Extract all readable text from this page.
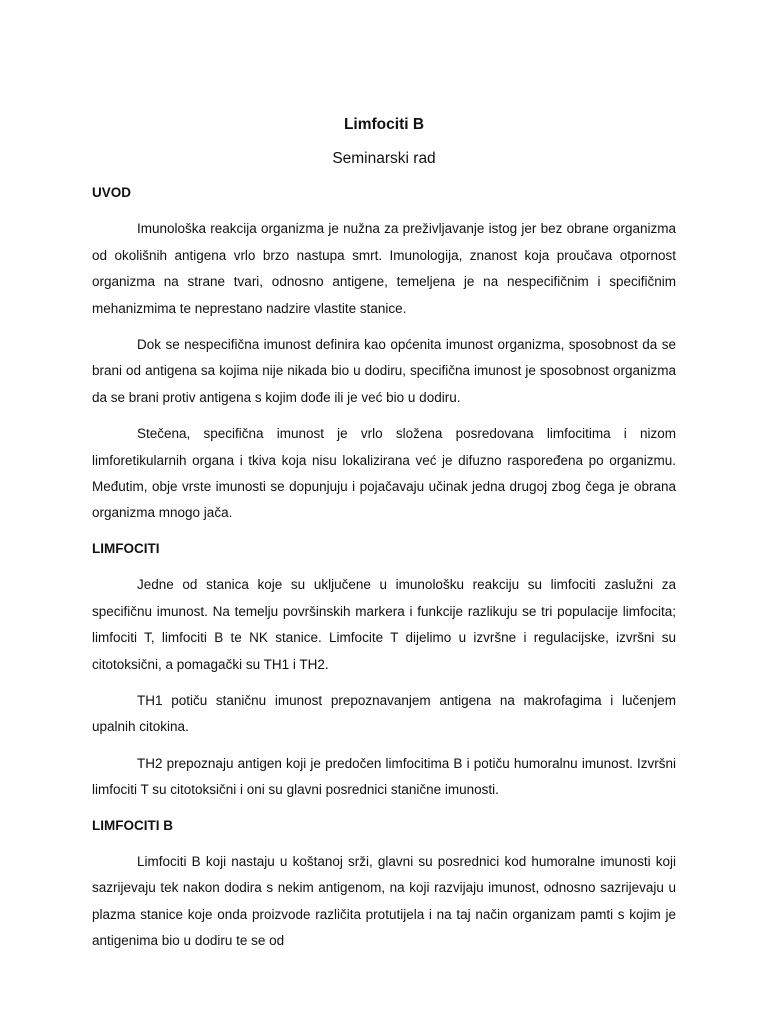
Limfociti B

Seminarski rad

UVOD

Imunološka reakcija organizma je nužna za preživljavanje istog jer bez obrane organizma od okolišnih antigena vrlo brzo nastupa smrt. Imunologija, znanost koja proučava otpornost organizma na strane tvari, odnosno antigene, temeljena je na nespecifičnim i specifičnim mehanizmima te neprestano nadzire vlastite stanice.

Dok se nespecifična imunost definira kao općenita imunost organizma, sposobnost da se brani od antigena sa kojima nije nikada bio u dodiru, specifična imunost je sposobnost organizma da se brani protiv antigena s kojim dođe ili je već bio u dodiru.

Stečena, specifična imunost je vrlo složena posredovana limfocitima i nizom limforetikularnih organa i tkiva koja nisu lokalizirana već je difuzno raspoređena po organizmu. Međutim, obje vrste imunosti se dopunjuju i pojačavaju učinak jedna drugoj zbog čega je obrana organizma mnogo jača.

LIMFOCITI

Jedne od stanica koje su uključene u imunološku reakciju su limfociti zaslužni za specifičnu imunost. Na temelju površinskih markera i funkcije razlikuju se tri populacije limfocita; limfociti T, limfociti B te NK stanice. Limfocite T dijelimo u izvršne i regulacijske, izvršni su citotoksični, a pomagački su TH1 i TH2.

TH1 potiču staničnu imunost prepoznavanjem antigena na makrofagima i lučenjem upalnih citokina.

TH2 prepoznaju antigen koji je predočen limfocitima B i potiču humoralnu imunost. Izvršni limfociti T su citotoksični i oni su glavni posrednici stanične imunosti.

LIMFOCITI B

Limfociti B koji nastaju u koštanoj srži, glavni su posrednici kod humoralne imunosti koji sazrijevaju tek nakon dodira s nekim antigenom, na koji razvijaju imunost, odnosno sazrijevaju u plazma stanice koje onda proizvode različita protutijela i na taj način organizam pamti s kojim je antigenima bio u dodiru te se od
